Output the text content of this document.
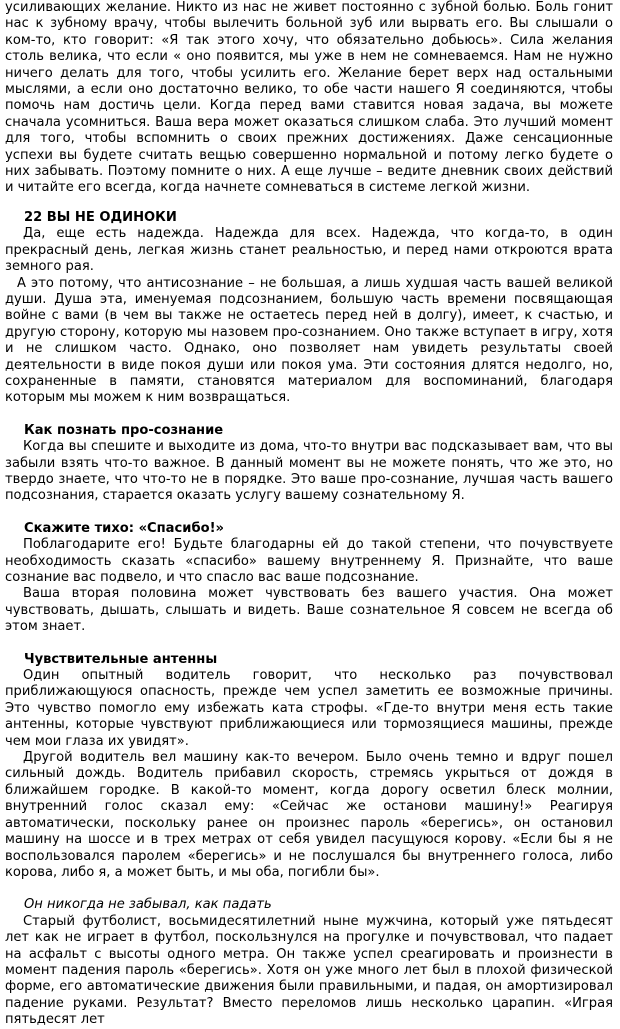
усиливающих желание. Никто из нас не живет постоянно с зубной болью. Боль гонит нас к зубному врачу, чтобы вылечить больной зуб или вырвать его. Вы слышали о ком-то, кто говорит: «Я так этого хочу, что обязательно добьюсь». Сила желания столь велика, что если « оно появится, мы уже в нем не сомневаемся. Нам не нужно ничего делать для того, чтобы усилить его. Желание берет верх над остальными мыслями, а если оно достаточно велико, то обе части нашего Я соединяются, чтобы помочь нам достичь цели. Когда перед вами ставится новая задача, вы можете сначала усомниться. Ваша вера может оказаться слишком слаба. Это лучший момент для того, чтобы вспомнить о своих прежних достижениях. Даже сенсационные успехи вы будете считать вещью совершенно нормальной и потому легко будете о них забывать. Поэтому помните о них. А еще лучше – ведите дневник своих действий и читайте его всегда, когда начнете сомневаться в системе легкой жизни.

22 ВЫ НЕ ОДИНОКИ

Да, еще есть надежда. Надежда для всех. Надежда, что когда-то, в один прекрасный день, легкая жизнь станет реальностью, и перед нами откроются врата земного рая.

А это потому, что антисознание – не большая, а лишь худшая часть вашей великой души. Душа эта, именуемая подсознанием, большую часть времени посвящающая войне с вами (в чем вы также не остаетесь перед ней в долгу), имеет, к счастью, и другую сторону, которую мы назовем про-сознанием. Оно также вступает в игру, хотя и не слишком часто. Однако, оно позволяет нам увидеть результаты своей деятельности в виде покоя души или покоя ума. Эти состояния длятся недолго, но, сохраненные в памяти, становятся материалом для воспоминаний, благодаря которым мы можем к ним возвращаться.

Как познать про-сознание

Когда вы спешите и выходите из дома, что-то внутри вас подсказывает вам, что вы забыли взять что-то важное. В данный момент вы не можете понять, что же это, но твердо знаете, что что-то не в порядке. Это ваше про-сознание, лучшая часть вашего подсознания, старается оказать услугу вашему сознательному Я.

Скажите тихо: «Спасибо!»

Поблагодарите его! Будьте благодарны ей до такой степени, что почувствуете необходимость сказать «спасибо» вашему внутреннему Я. Признайте, что ваше сознание вас подвело, и что спасло вас ваше подсознание.

Ваша вторая половина может чувствовать без вашего участия. Она может чувствовать, дышать, слышать и видеть. Ваше сознательное Я совсем не всегда об этом знает.

Чувствительные антенны

Один опытный водитель говорит, что несколько раз почувствовал приближающуюся опасность, прежде чем успел заметить ее возможные причины. Это чувство помогло ему избежать ката строфы. «Где-то внутри меня есть такие антенны, которые чувствуют приближающиеся или тормозящиеся машины, прежде чем мои глаза их увидят».

Другой водитель вел машину как-то вечером. Было очень темно и вдруг пошел сильный дождь. Водитель прибавил скорость, стремясь укрыться от дождя в ближайшем городке. В какой-то момент, когда дорогу осветил блеск молнии, внутренний голос сказал ему: «Сейчас же останови машину!» Реагируя автоматически, поскольку ранее он произнес пароль «берегись», он остановил машину на шоссе и в трех метрах от себя увидел пасущуюся корову. «Если бы я не воспользовался паролем «берегись» и не послушался бы внутреннего голоса, либо корова, либо я, а может быть, и мы оба, погибли бы».

Он никогда не забывал, как падать

Старый футболист, восьмидесятилетний ныне мужчина, который уже пятьдесят лет как не играет в футбол, поскользнулся на прогулке и почувствовал, что падает на асфальт с высоты одного метра. Он также успел среагировать и произнести в момент падения пароль «берегись». Хотя он уже много лет был в плохой физической форме, его автоматические движения были правильными, и падая, он амортизировал падение руками. Результат? Вместо переломов лишь несколько царапин. «Играя пятьдесят лет
